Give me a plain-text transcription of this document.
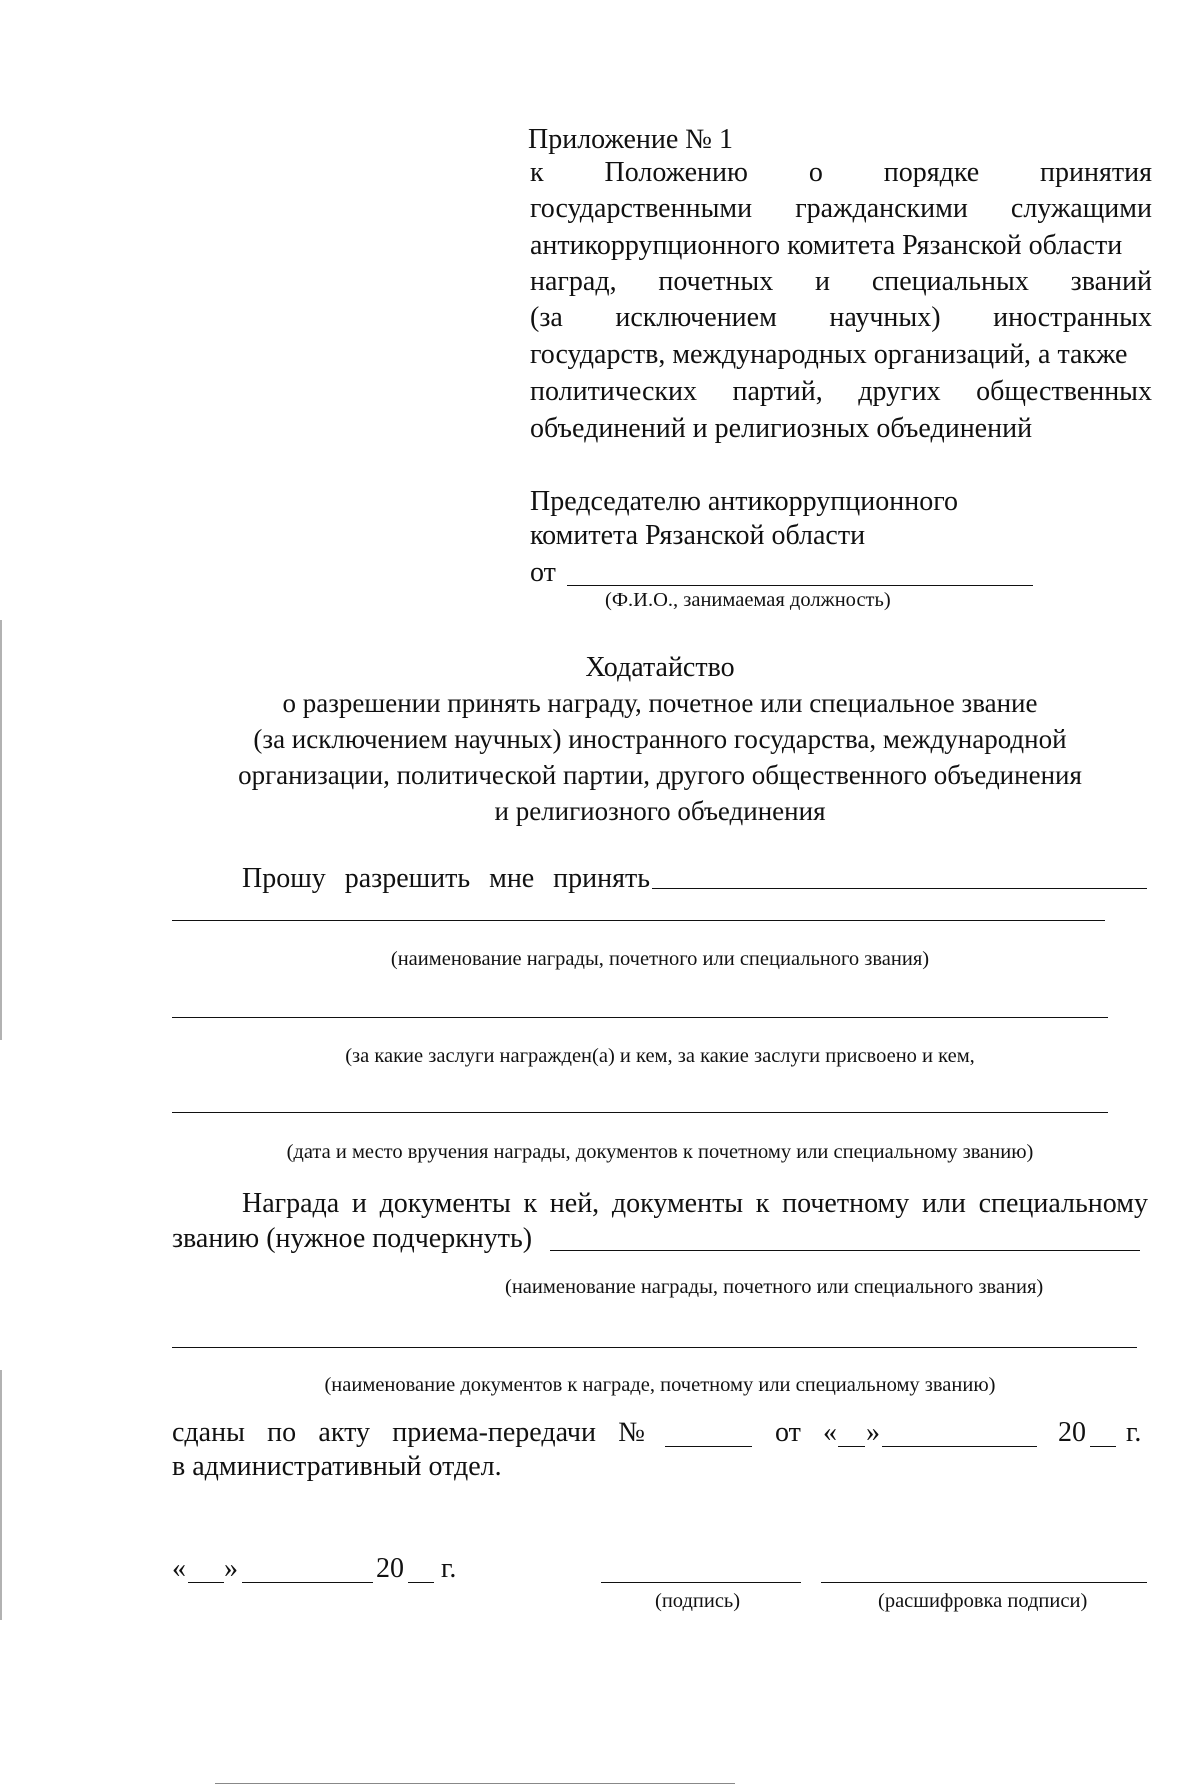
Приложение № 1

к Положению о порядке принятия
государственными гражданскими служащими

антикоррупционного комитета Рязанской области

наград, почетных и специальных званий
(за исключением научных) иностранных

государств, международных организаций, а также

политических партий, других общественных

объединений и религиозных объединений

Председателю антикоррупционного

комитета Рязанской области

от

(Ф.И.О., занимаемая должность)

Ходатайство

о разрешении принять награду, почетное или специальное звание

(за исключением научных) иностранного государства, международной

организации, политической партии, другого общественного объединения

и религиозного объединения

Прошу разрешить мне принять

(наименование награды, почетного или специального звания)

(за какие заслуги награжден(а) и кем, за какие заслуги присвоено и кем,

(дата и место вручения награды, документов к почетному или специальному званию)

Награда и документы к ней, документы к почетному или специальному

званию (нужное подчеркнуть)

(наименование награды, почетного или специального звания)

(наименование документов к награде, почетному или специальному званию)

сданы по акту приема-передачи №	от « »	20 г.

в административный отдел.

« »	20 г.

(подпись)	(расшифровка подписи)
